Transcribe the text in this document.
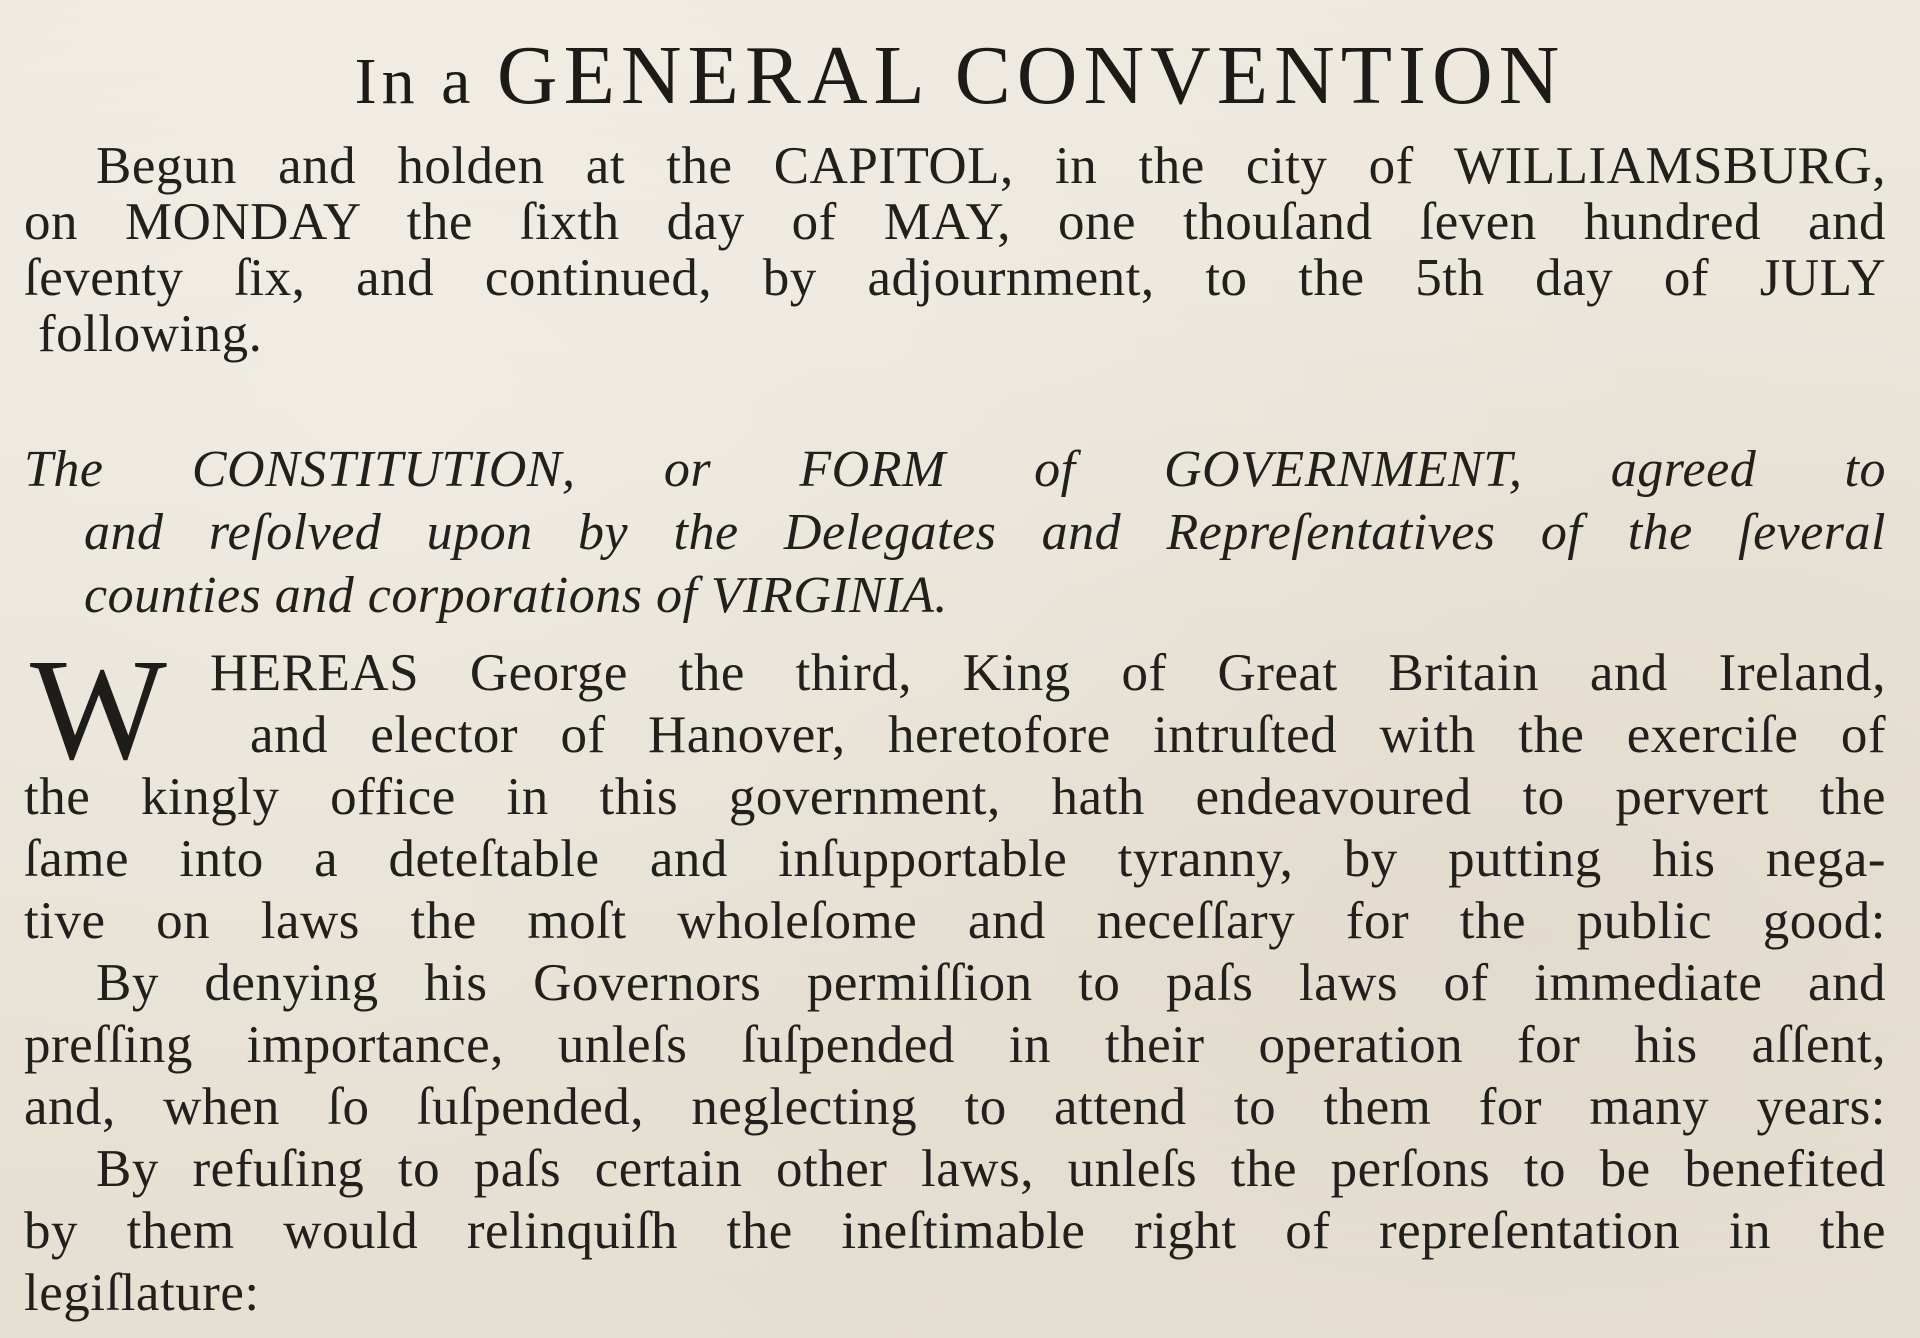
In a GENERAL CONVENTION
Begun and holden at the CAPITOL, in the city of WILLIAMSBURG,
on MONDAY the ſixth day of MAY, one thouſand ſeven hundred and
ſeventy ſix, and continued, by adjournment, to the 5th day of JULY
following.
The CONSTITUTION, or FORM of GOVERNMENT, agreed to
and reſolved upon by the Delegates and Repreſentatives of the ſeveral
counties and corporations of VIRGINIA.
W HEREAS George the third, King of Great Britain and Ireland,
and elector of Hanover, heretofore intruſted with the exerciſe of
the kingly office in this government, hath endeavoured to pervert the
ſame into a deteſtable and inſupportable tyranny, by putting his nega-
tive on laws the moſt wholeſome and neceſſary for the public good:
By denying his Governors permiſſion to paſs laws of immediate and
preſſing importance, unleſs ſuſpended in their operation for his aſſent,
and, when ſo ſuſpended, neglecting to attend to them for many years:
By refuſing to paſs certain other laws, unleſs the perſons to be benefited
by them would relinquiſh the ineſtimable right of repreſentation in the
legiſlature:
